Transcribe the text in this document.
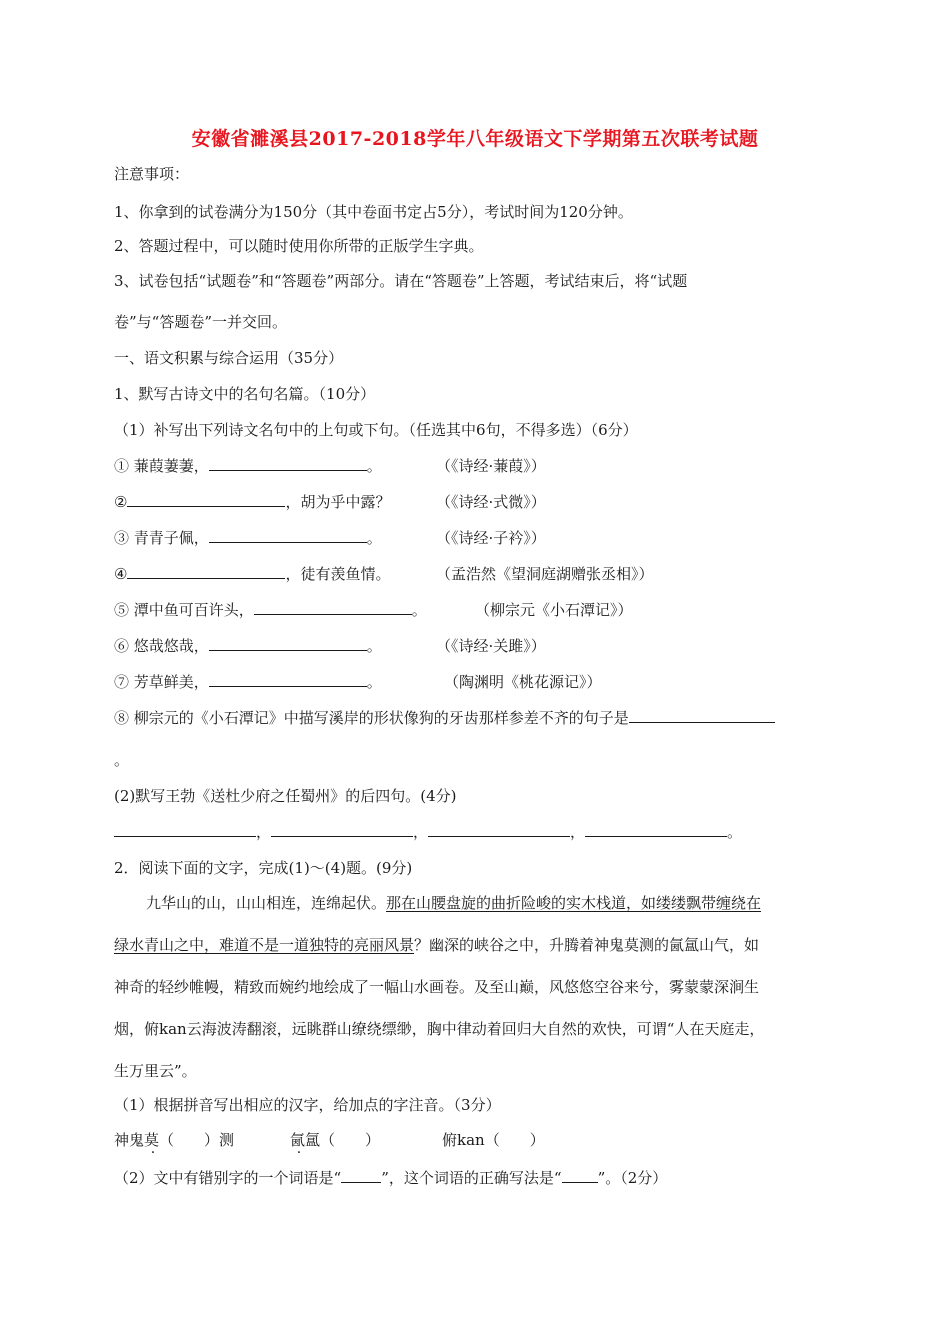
安徽省濉溪县2017-2018学年八年级语文下学期第五次联考试题
注意事项：
1、你拿到的试卷满分为150分（其中卷面书定占5分），考试时间为120分钟。
2、答题过程中，可以随时使用你所带的正版学生字典。
3、试卷包括“试题卷”和“答题卷”两部分。请在“答题卷”上答题，考试结束后，将“试题
卷”与“答题卷”一并交回。
一、语文积累与综合运用（35分）
1、默写古诗文中的名句名篇。（10分）
（1）补写出下列诗文名句中的上句或下句。（任选其中6句，不得多选）（6分）
① 蒹葭萋萋，	。	（《诗经·蒹葭》）
②	，胡为乎中露？	（《诗经·式微》）
③ 青青子佩，	。	（《诗经·子衿》）
④	，徒有羡鱼情。	（孟浩然《望洞庭湖赠张丞相》）
⑤ 潭中鱼可百许头，	。	（柳宗元《小石潭记》）
⑥ 悠哉悠哉，	。	（《诗经·关雎》）
⑦ 芳草鲜美，	。	（陶渊明《桃花源记》）
⑧ 柳宗元的《小石潭记》中描写溪岸的形状像狗的牙齿那样参差不齐的句子是
。
(2)默写王勃《送杜少府之任蜀州》的后四句。(4分)
，	，	，	。
2．阅读下面的文字，完成(1)～(4)题。(9分)
九华山的山，山山相连，连绵起伏。那在山腰盘旋的曲折险峻的实木栈道，如缕缕飘带缠绕在
绿水青山之中，难道不是一道独特的亮丽风景？幽深的峡谷之中，升腾着神鬼莫测的氤氲山气，如
神奇的轻纱帷幔，精致而婉约地绘成了一幅山水画卷。及至山巅，风悠悠空谷来兮，雾蒙蒙深涧生
烟，俯kan云海波涛翻滚，远眺群山缭绕缥缈，胸中律动着回归大自然的欢快，可谓“人在天庭走，
生万里云”。
（1）根据拼音写出相应的汉字，给加点的字注音。（3分）
神鬼莫（　　）测	氤氲（　　）	俯kan（　　）
（2）文中有错别字的一个词语是“	”，这个词语的正确写法是“ ”。（2分）
